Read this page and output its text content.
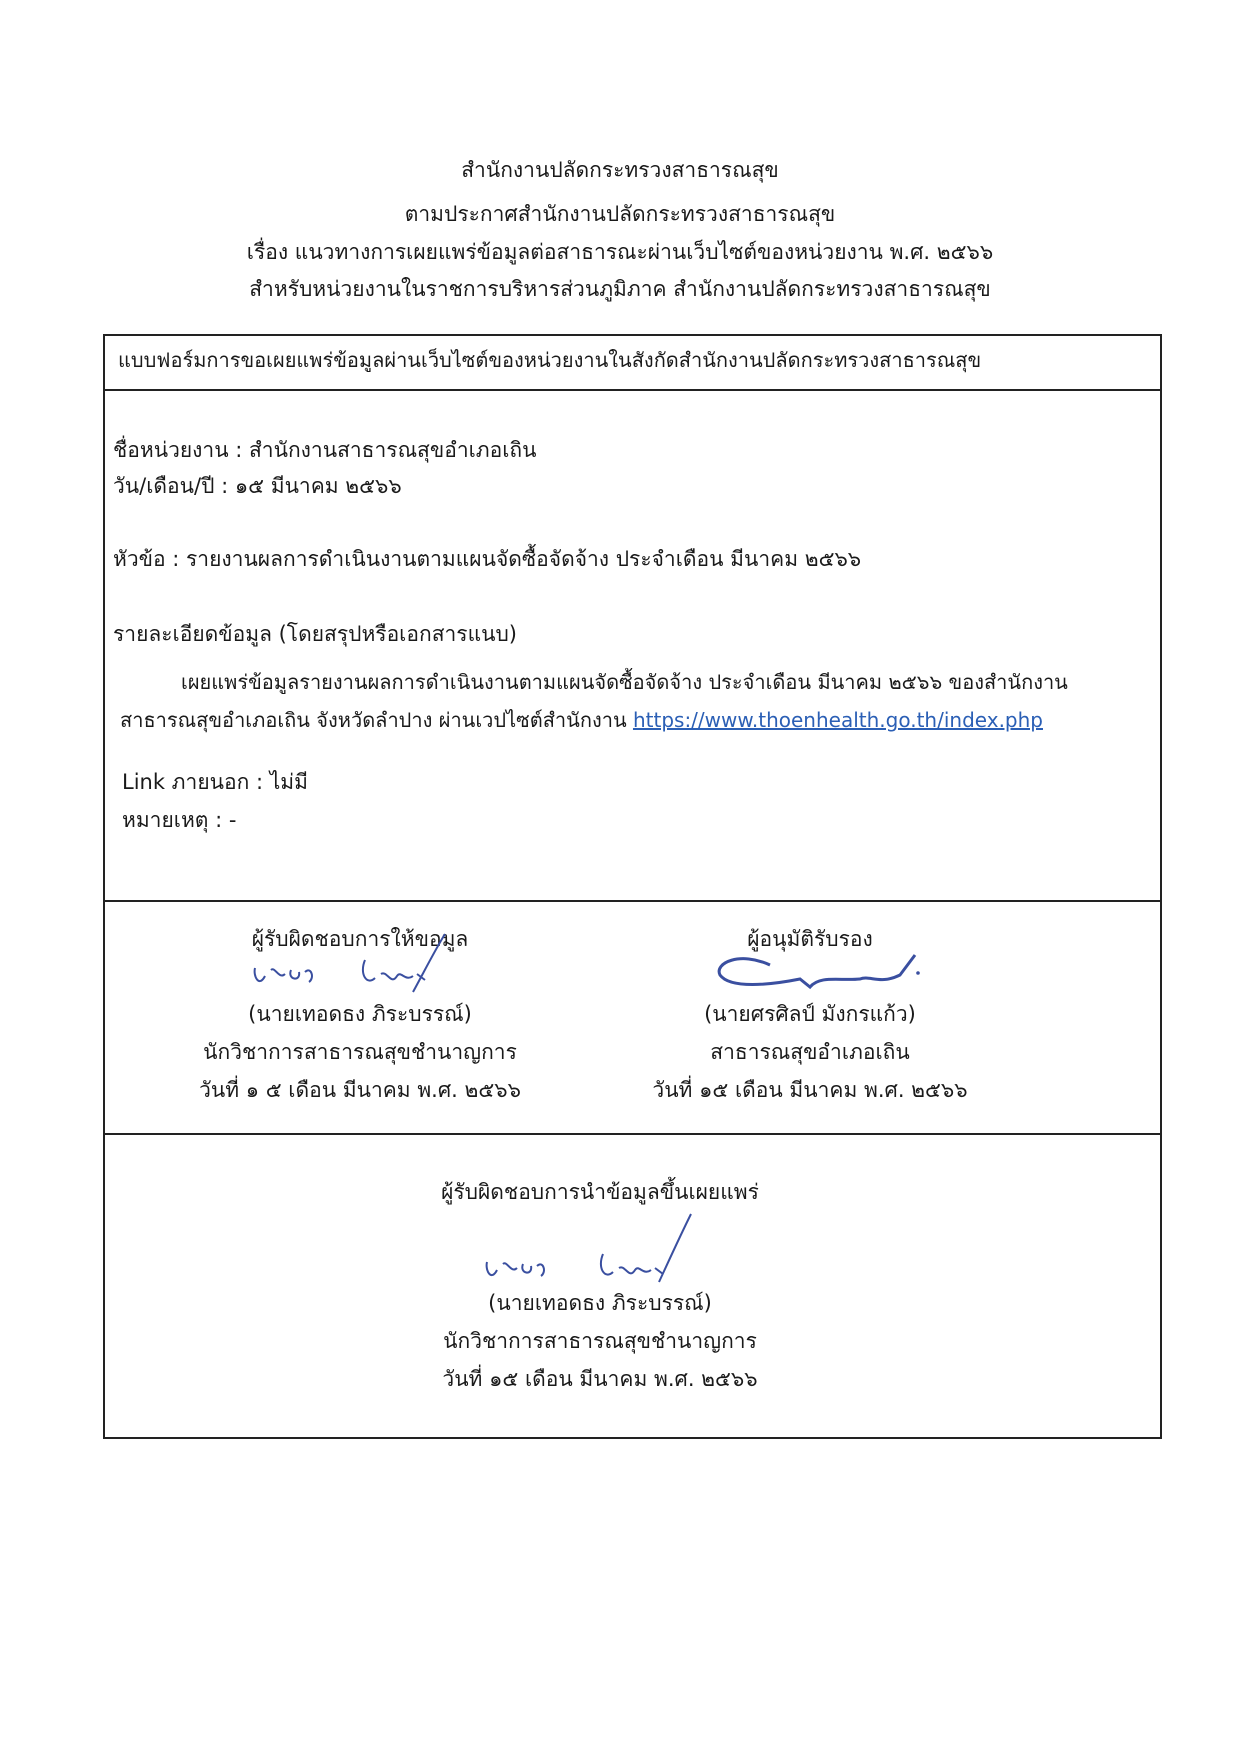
สำนักงานปลัดกระทรวงสาธารณสุข
ตามประกาศสำนักงานปลัดกระทรวงสาธารณสุข
เรื่อง แนวทางการเผยแพร่ข้อมูลต่อสาธารณะผ่านเว็บไซต์ของหน่วยงาน พ.ศ. ๒๕๖๖
สำหรับหน่วยงานในราชการบริหารส่วนภูมิภาค สำนักงานปลัดกระทรวงสาธารณสุข
แบบฟอร์มการขอเผยแพร่ข้อมูลผ่านเว็บไซต์ของหน่วยงานในสังกัดสำนักงานปลัดกระทรวงสาธารณสุข
ชื่อหน่วยงาน : สำนักงานสาธารณสุขอำเภอเถิน
วัน/เดือน/ปี : ๑๕ มีนาคม ๒๕๖๖
หัวข้อ : รายงานผลการดำเนินงานตามแผนจัดซื้อจัดจ้าง ประจำเดือน มีนาคม ๒๕๖๖
รายละเอียดข้อมูล (โดยสรุปหรือเอกสารแนบ)
เผยแพร่ข้อมูลรายงานผลการดำเนินงานตามแผนจัดซื้อจัดจ้าง ประจำเดือน มีนาคม ๒๕๖๖ ของสำนักงาน
สาธารณสุขอำเภอเถิน จังหวัดลำปาง ผ่านเวปไซต์สำนักงาน https://www.thoenhealth.go.th/index.php
Link ภายนอก : ไม่มี
หมายเหตุ : -
ผู้รับผิดชอบการให้ขอมูล
(นายเทอดธง ภิระบรรณ์)
นักวิชาการสาธารณสุขชำนาญการ
วันที่ ๑ ๕ เดือน มีนาคม พ.ศ. ๒๕๖๖
ผู้อนุมัติรับรอง
(นายศรศิลป์ มังกรแก้ว)
สาธารณสุขอำเภอเถิน
วันที่ ๑๕ เดือน มีนาคม พ.ศ. ๒๕๖๖
ผู้รับผิดชอบการนำข้อมูลขึ้นเผยแพร่
(นายเทอดธง ภิระบรรณ์)
นักวิชาการสาธารณสุขชำนาญการ
วันที่ ๑๕ เดือน มีนาคม พ.ศ. ๒๕๖๖
